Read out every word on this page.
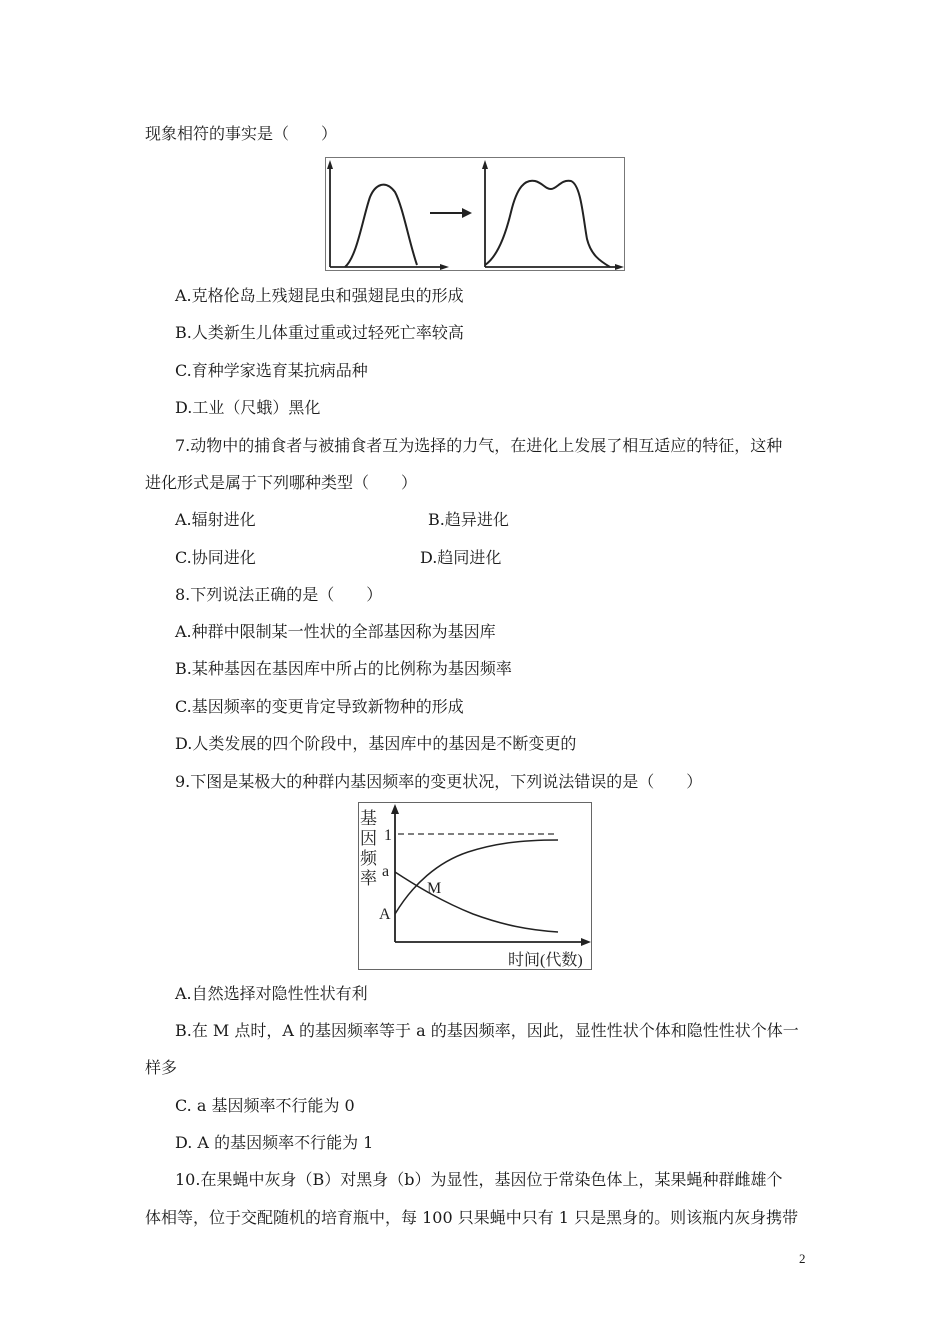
现象相符的事实是（　　）
A.克格伦岛上残翅昆虫和强翅昆虫的形成
B.人类新生儿体重过重或过轻死亡率较高
C.育种学家选育某抗病品种
D.工业（尺蛾）黑化
7.动物中的捕食者与被捕食者互为选择的力气，在进化上发展了相互适应的特征，这种
进化形式是属于下列哪种类型（　　）
A.辐射进化	B.趋异进化
C.协同进化	D.趋同进化
8.下列说法正确的是（　　）
A.种群中限制某一性状的全部基因称为基因库
B.某种基因在基因库中所占的比例称为基因频率
C.基因频率的变更肯定导致新物种的形成
D.人类发展的四个阶段中，基因库中的基因是不断变更的
9.下图是某极大的种群内基因频率的变更状况，下列说法错误的是（　　）
基
因
频
率
1
a
A
M
时间(代数)
A.自然选择对隐性性状有利
B.在 M 点时，A 的基因频率等于 a 的基因频率，因此，显性性状个体和隐性性状个体一
样多
C. a 基因频率不行能为 0
D. A 的基因频率不行能为 1
10.在果蝇中灰身（B）对黑身（b）为显性，基因位于常染色体上，某果蝇种群雌雄个
体相等，位于交配随机的培育瓶中，每 100 只果蝇中只有 1 只是黑身的。则该瓶内灰身携带
2
